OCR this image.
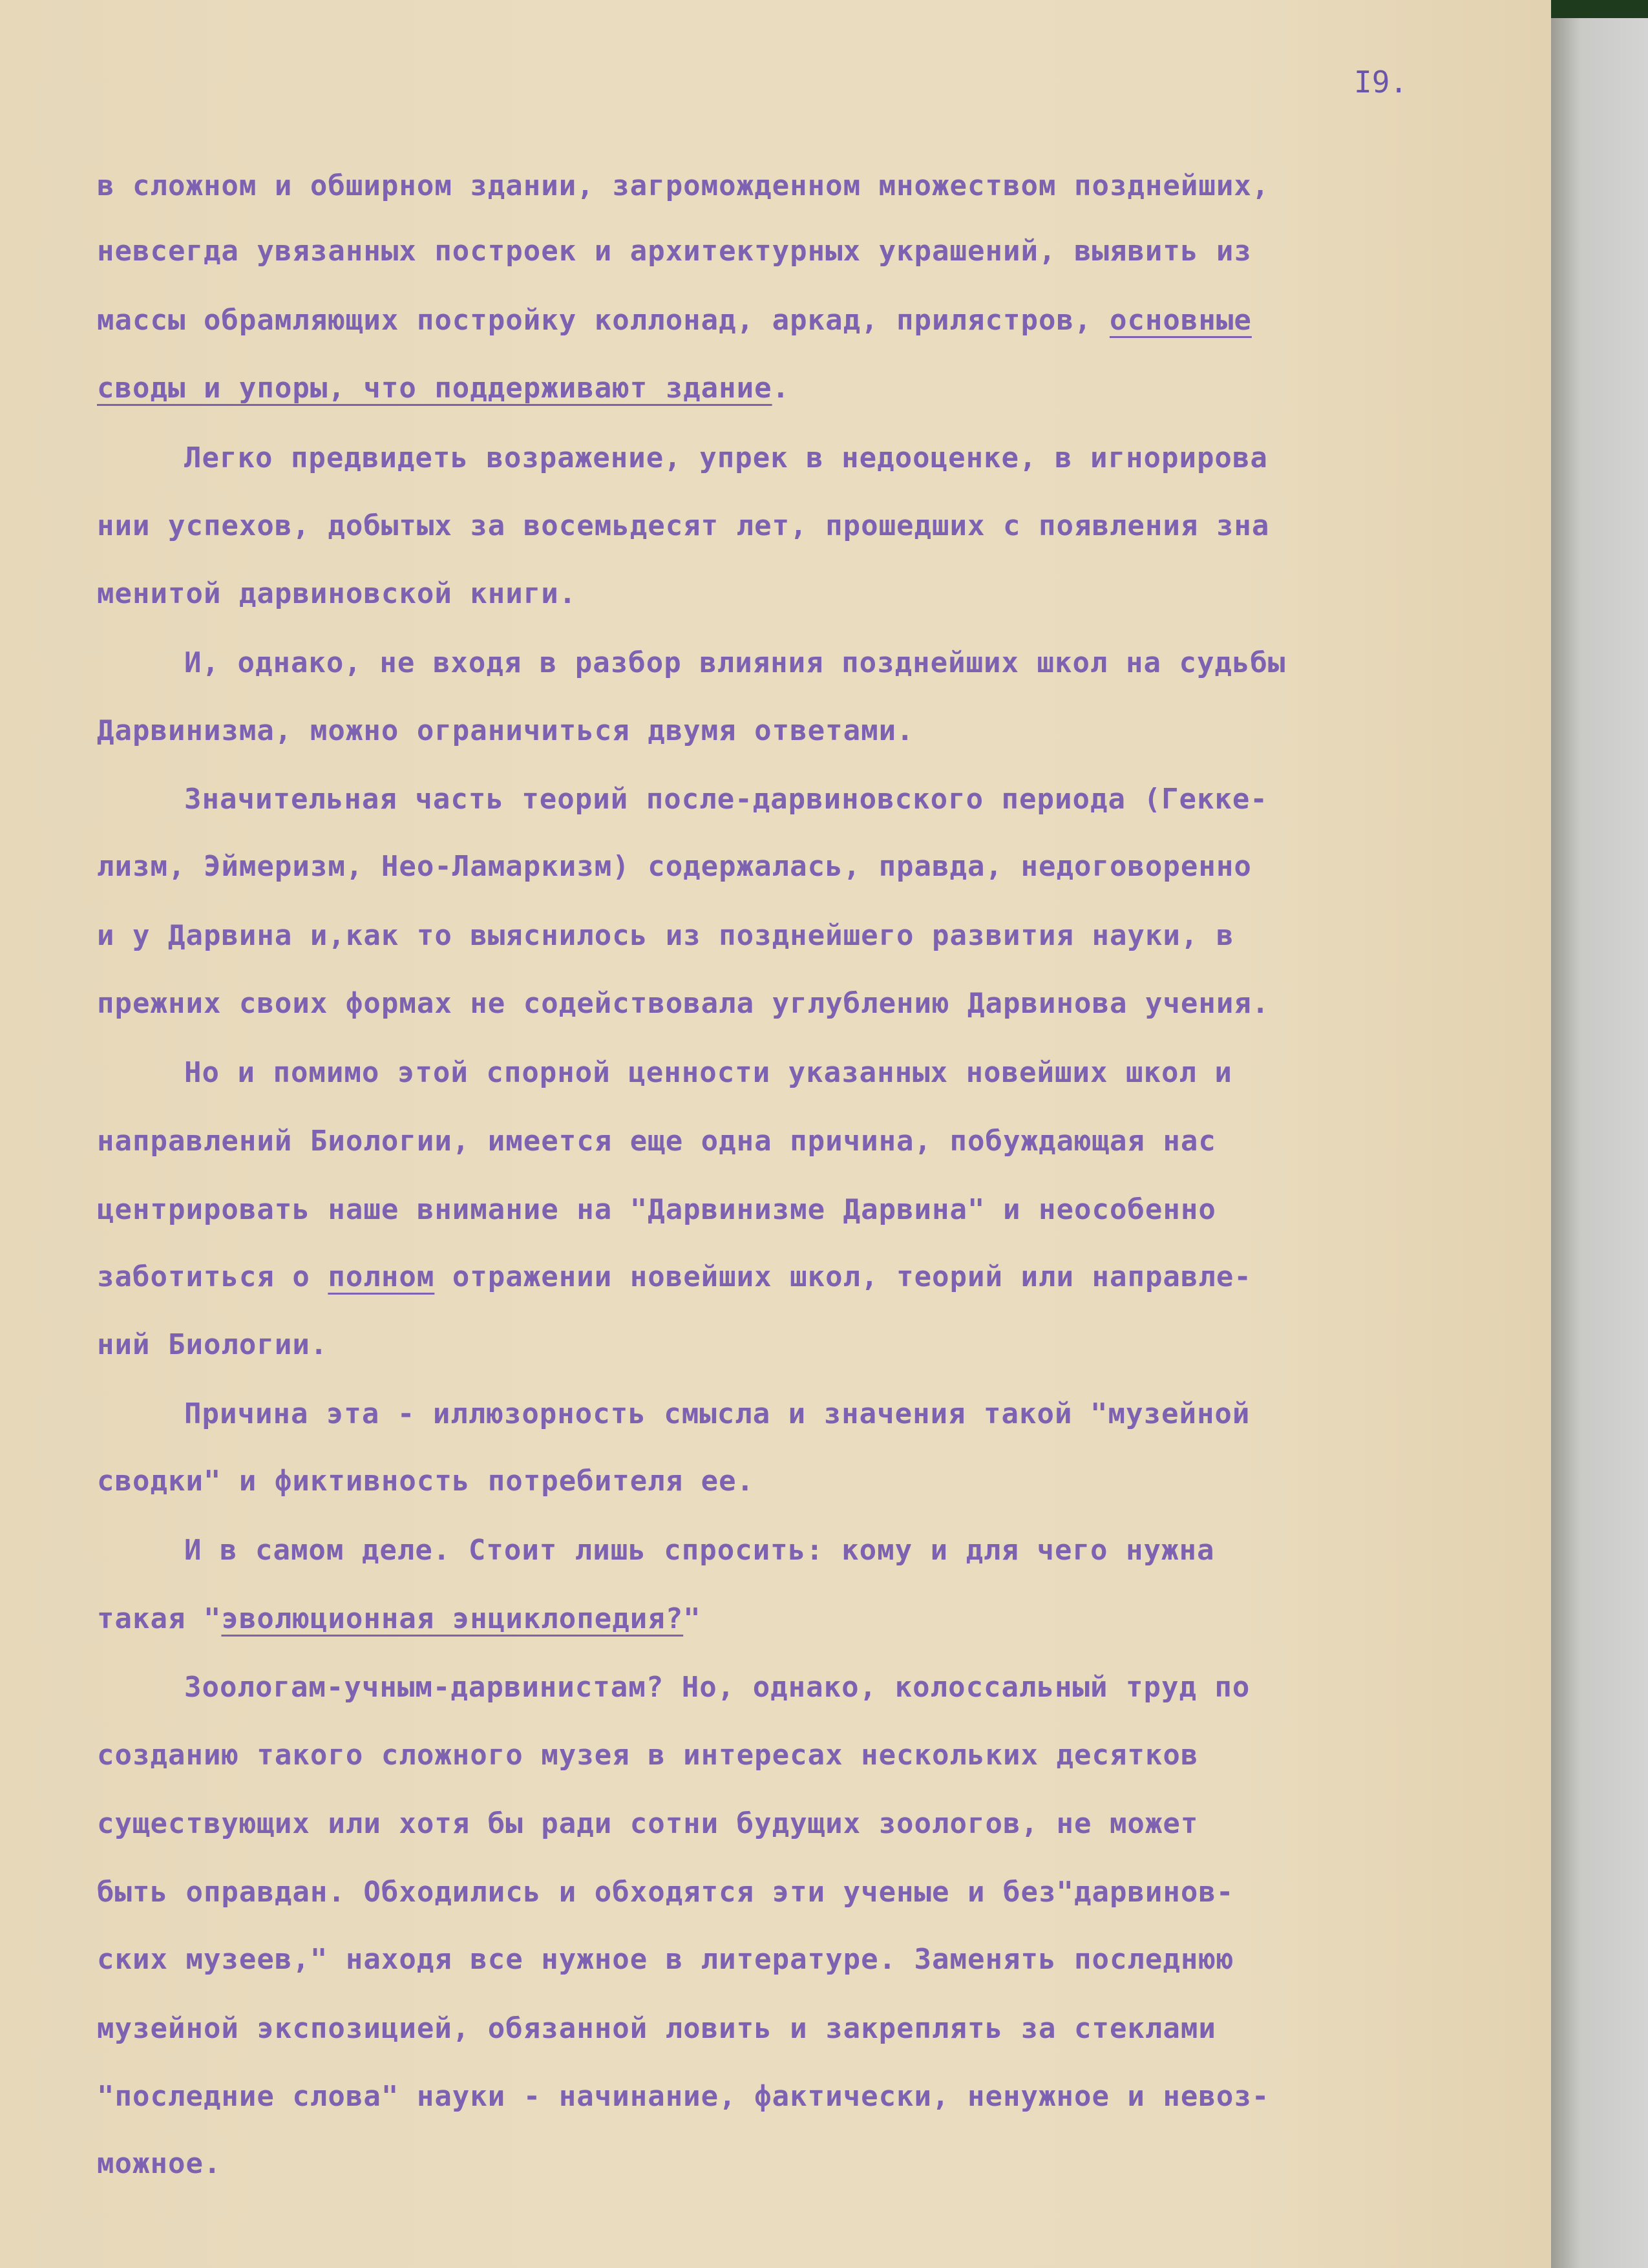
I9.
в сложном и обширном здании, загроможденном множеством позднейших,
невсегда увязанных построек и архитектурных украшений, выявить из
массы обрамляющих постройку коллонад, аркад, прилястров, основные
своды и упоры, что поддерживают здание.
Легко предвидеть возражение, упрек в недооценке, в игнорирова
нии успехов, добытых за восемьдесят лет, прошедших с появления зна
менитой дарвиновской книги.
И, однако, не входя в разбор влияния позднейших школ на судьбы
Дарвинизма, можно ограничиться двумя ответами.
Значительная часть теорий после-дарвиновского периода (Гекке-
лизм, Эймеризм, Нео-Ламаркизм) содержалась, правда, недоговоренно
и у Дарвина и,как то выяснилось из позднейшего развития науки, в
прежних своих формах не содействовала углублению Дарвинова учения.
Но и помимо этой спорной ценности указанных новейших школ и
направлений Биологии, имеется еще одна причина, побуждающая нас
центрировать наше внимание на "Дарвинизме Дарвина" и неособенно
заботиться о полном отражении новейших школ, теорий или направле-
ний Биологии.
Причина эта - иллюзорность смысла и значения такой "музейной
сводки" и фиктивность потребителя ее.
И в самом деле. Стоит лишь спросить: кому и для чего нужна
такая "эволюционная энциклопедия?"
Зоологам-учным-дарвинистам? Но, однако, колоссальный труд по
созданию такого сложного музея в интересах нескольких десятков
существующих или хотя бы ради сотни будущих зоологов, не может
быть оправдан. Обходились и обходятся эти ученые и без"дарвинов-
ских музеев," находя все нужное в литературе. Заменять последнюю
музейной экспозицией, обязанной ловить и закреплять за стеклами
"последние слова" науки - начинание, фактически, ненужное и невоз-
можное.
